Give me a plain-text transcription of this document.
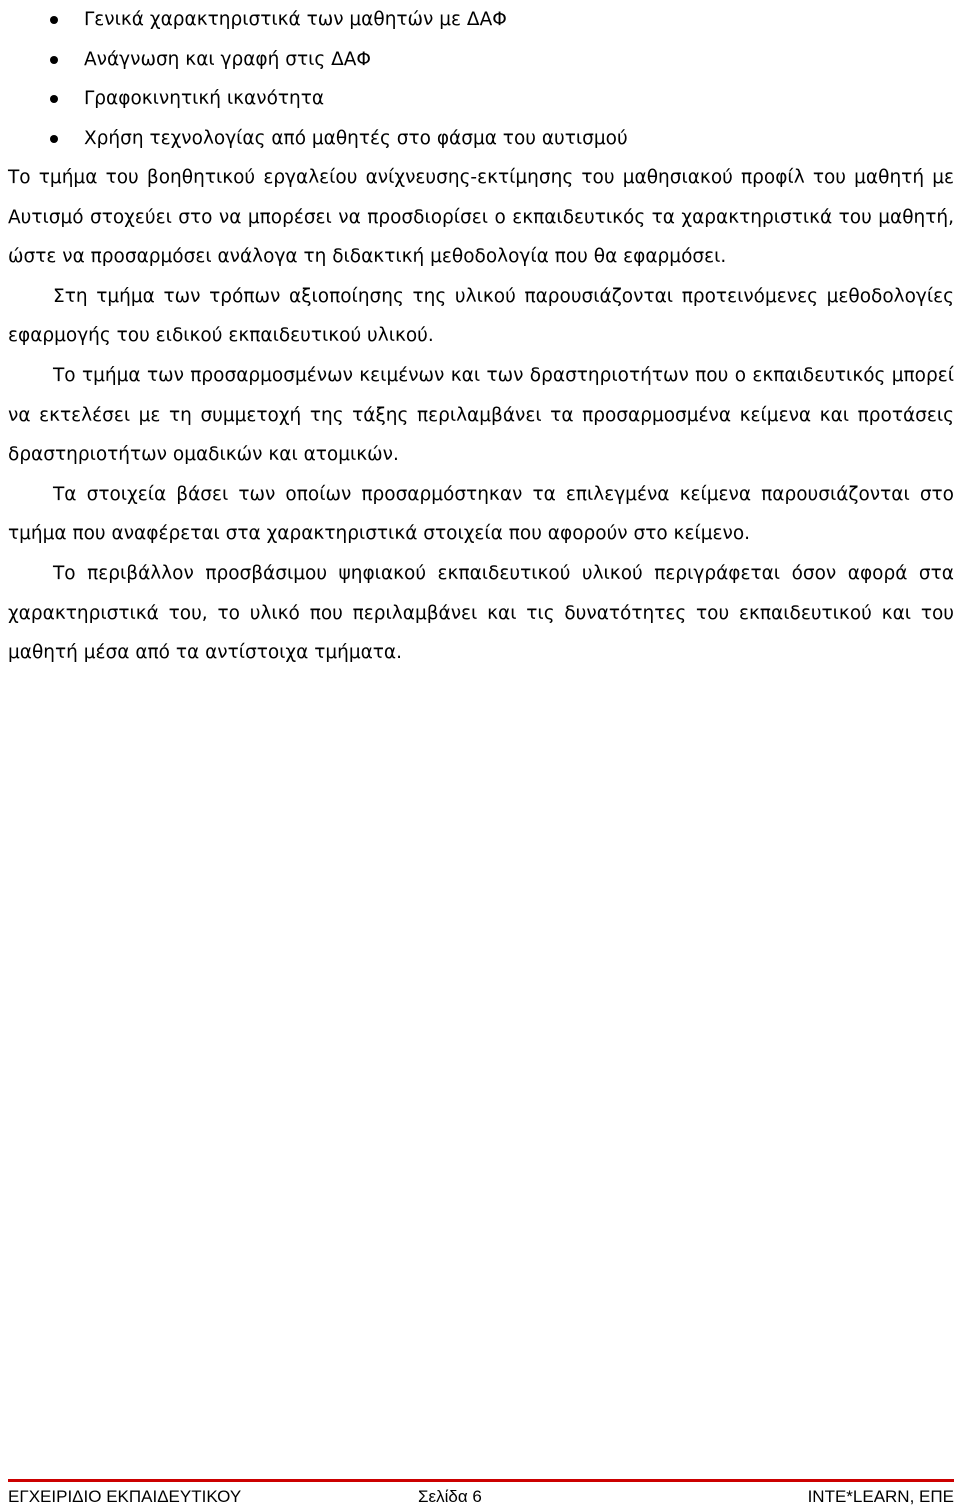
Γενικά χαρακτηριστικά των μαθητών με ΔΑΦ
Ανάγνωση και γραφή στις ΔΑΦ
Γραφοκινητική ικανότητα
Χρήση τεχνολογίας από μαθητές στο φάσμα του αυτισμού

Το τμήμα του βοηθητικού εργαλείου ανίχνευσης-εκτίμησης του μαθησιακού προφίλ του μαθητή με Αυτισμό στοχεύει στο να μπορέσει να προσδιορίσει ο εκπαιδευτικός τα χαρακτηριστικά του μαθητή, ώστε να προσαρμόσει ανάλογα τη διδακτική μεθοδολογία που θα εφαρμόσει.

Στη τμήμα των τρόπων αξιοποίησης της υλικού παρουσιάζονται προτεινόμενες μεθοδολογίες εφαρμογής του ειδικού εκπαιδευτικού υλικού.

Το τμήμα των προσαρμοσμένων κειμένων και των δραστηριοτήτων που ο εκπαιδευτικός μπορεί να εκτελέσει με τη συμμετοχή της τάξης περιλαμβάνει τα προσαρμοσμένα κείμενα και προτάσεις δραστηριοτήτων ομαδικών και ατομικών.

Τα στοιχεία βάσει των οποίων προσαρμόστηκαν τα επιλεγμένα κείμενα παρουσιάζονται στο τμήμα που αναφέρεται στα χαρακτηριστικά στοιχεία που αφορούν στο κείμενο.

Το περιβάλλον προσβάσιμου ψηφιακού εκπαιδευτικού υλικού περιγράφεται όσον αφορά στα χαρακτηριστικά του, το υλικό που περιλαμβάνει και τις δυνατότητες του εκπαιδευτικού και του μαθητή μέσα από τα αντίστοιχα τμήματα.

ΕΓΧΕΙΡΙΔΙΟ ΕΚΠΑΙΔΕΥΤΙΚΟΥ	Σελίδα 6	INTE*LEARN, ΕΠΕ
